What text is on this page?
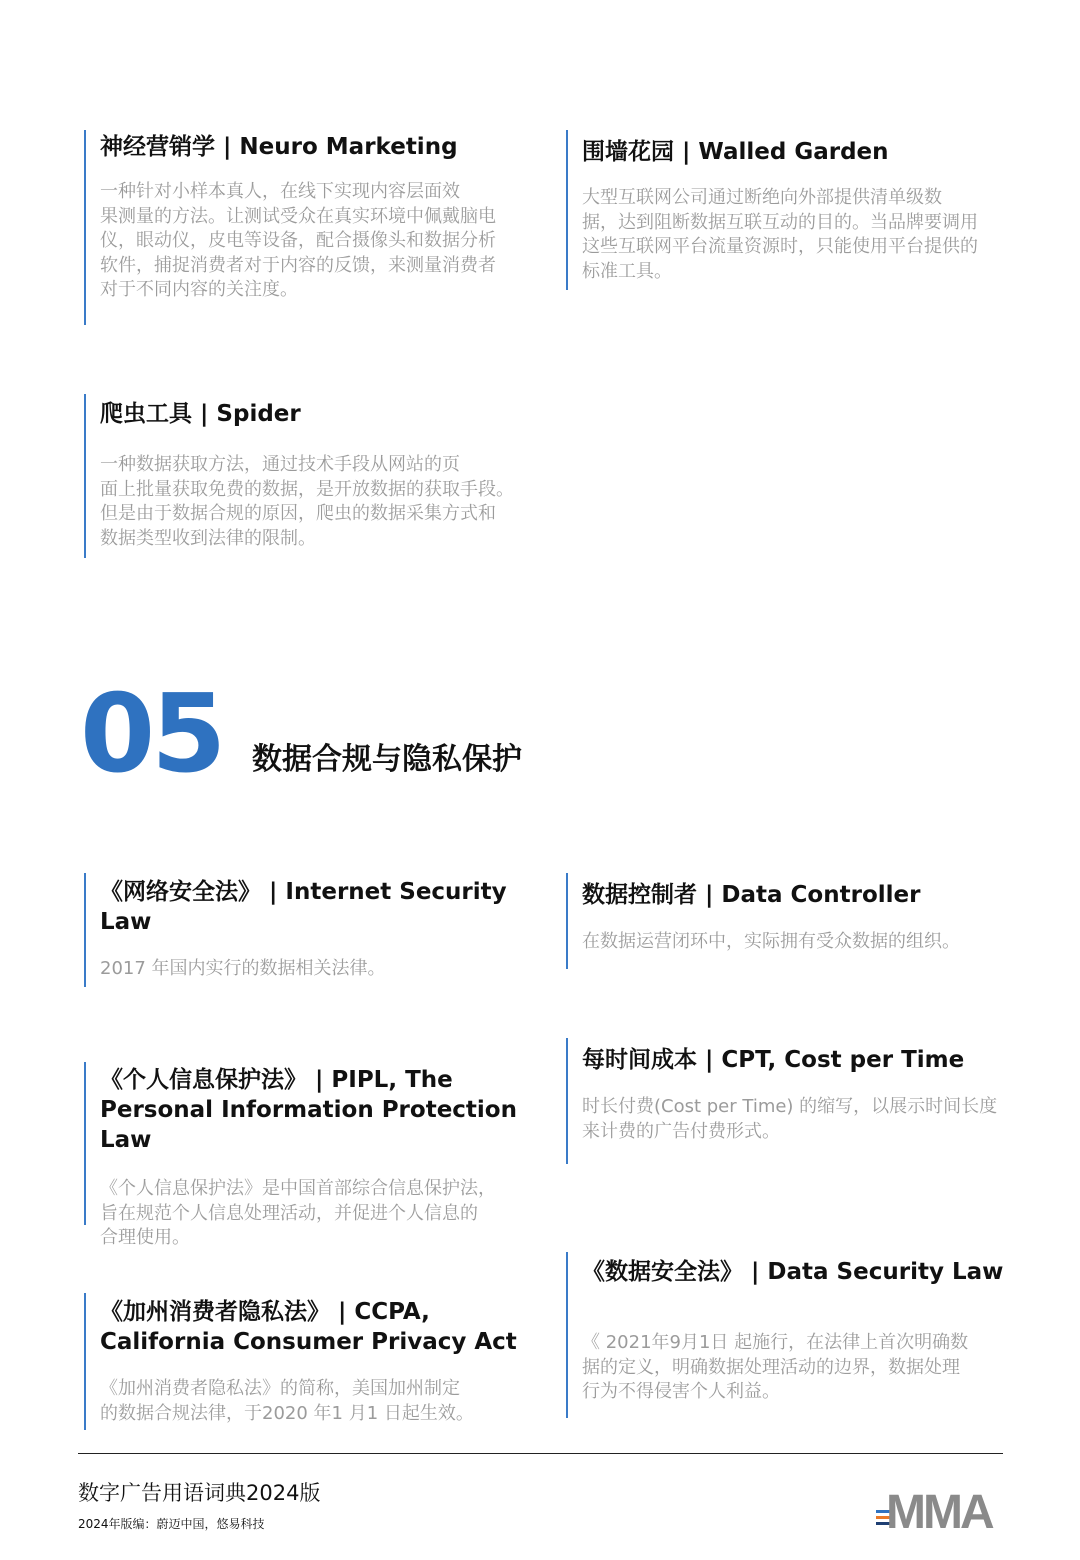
神经营销学 | Neuro Marketing

一种针对小样本真人，在线下实现内容层面效
果测量的方法。让测试受众在真实环境中佩戴脑电
仪，眼动仪，皮电等设备，配合摄像头和数据分析
软件，捕捉消费者对于内容的反馈，来测量消费者
对于不同内容的关注度。

围墙花园 | Walled Garden

大型互联网公司通过断绝向外部提供清单级数
据，达到阻断数据互联互动的目的。当品牌要调用
这些互联网平台流量资源时，只能使用平台提供的
标准工具。

爬虫工具 | Spider

一种数据获取方法，通过技术手段从网站的页
面上批量获取免费的数据，是开放数据的获取手段。
但是由于数据合规的原因，爬虫的数据采集方式和
数据类型收到法律的限制。
05 数据合规与隐私保护

《网络安全法》 | Internet Security
Law

2017 年国内实行的数据相关法律。

数据控制者 | Data Controller

在数据运营闭环中，实际拥有受众数据的组织。

每时间成本 | CPT, Cost per Time

时长付费(Cost per Time) 的缩写，以展示时间长度
来计费的广告付费形式。

《个人信息保护法》 | PIPL, The
Personal Information Protection Law

《个人信息保护法》是中国首部综合信息保护法，
旨在规范个人信息处理活动，并促进个人信息的
合理使用。

《数据安全法》 | Data Security Law

《 2021年9月1日 起施行，在法律上首次明确数
据的定义，明确数据处理活动的边界，数据处理
行为不得侵害个人利益。

《加州消费者隐私法》 | CCPA,
California Consumer Privacy Act

《加州消费者隐私法》的简称，美国加州制定
的数据合规法律，于2020 年1 月1 日起生效。
数字广告用语词典2024版
2024年版编：蔚迈中国，悠易科技	MMA
